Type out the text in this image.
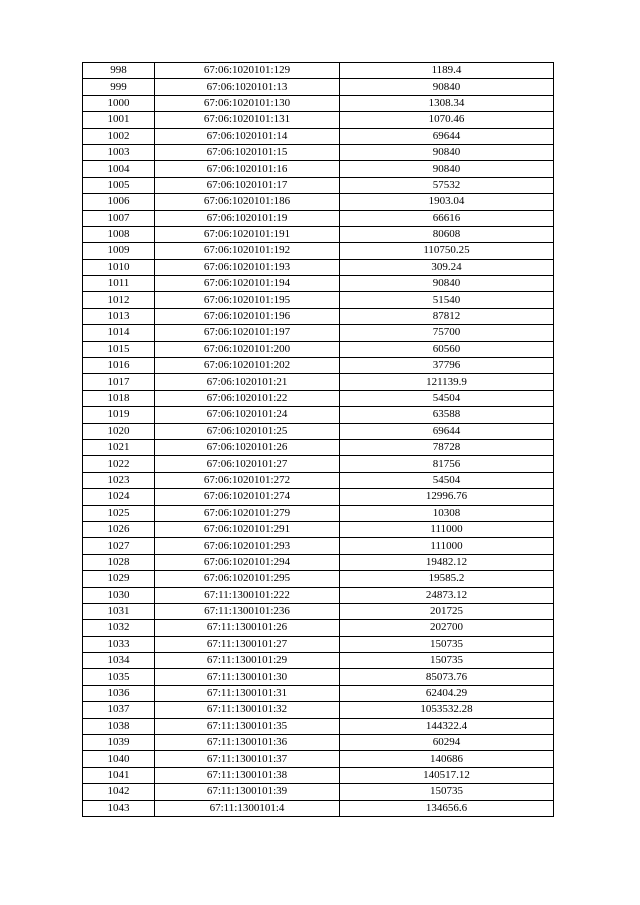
998	67:06:1020101:129	1189.4
999	67:06:1020101:13	90840
1000	67:06:1020101:130	1308.34
1001	67:06:1020101:131	1070.46
1002	67:06:1020101:14	69644
1003	67:06:1020101:15	90840
1004	67:06:1020101:16	90840
1005	67:06:1020101:17	57532
1006	67:06:1020101:186	1903.04
1007	67:06:1020101:19	66616
1008	67:06:1020101:191	80608
1009	67:06:1020101:192	110750.25
1010	67:06:1020101:193	309.24
1011	67:06:1020101:194	90840
1012	67:06:1020101:195	51540
1013	67:06:1020101:196	87812
1014	67:06:1020101:197	75700
1015	67:06:1020101:200	60560
1016	67:06:1020101:202	37796
1017	67:06:1020101:21	121139.9
1018	67:06:1020101:22	54504
1019	67:06:1020101:24	63588
1020	67:06:1020101:25	69644
1021	67:06:1020101:26	78728
1022	67:06:1020101:27	81756
1023	67:06:1020101:272	54504
1024	67:06:1020101:274	12996.76
1025	67:06:1020101:279	10308
1026	67:06:1020101:291	111000
1027	67:06:1020101:293	111000
1028	67:06:1020101:294	19482.12
1029	67:06:1020101:295	19585.2
1030	67:11:1300101:222	24873.12
1031	67:11:1300101:236	201725
1032	67:11:1300101:26	202700
1033	67:11:1300101:27	150735
1034	67:11:1300101:29	150735
1035	67:11:1300101:30	85073.76
1036	67:11:1300101:31	62404.29
1037	67:11:1300101:32	1053532.28
1038	67:11:1300101:35	144322.4
1039	67:11:1300101:36	60294
1040	67:11:1300101:37	140686
1041	67:11:1300101:38	140517.12
1042	67:11:1300101:39	150735
1043	67:11:1300101:4	134656.6
